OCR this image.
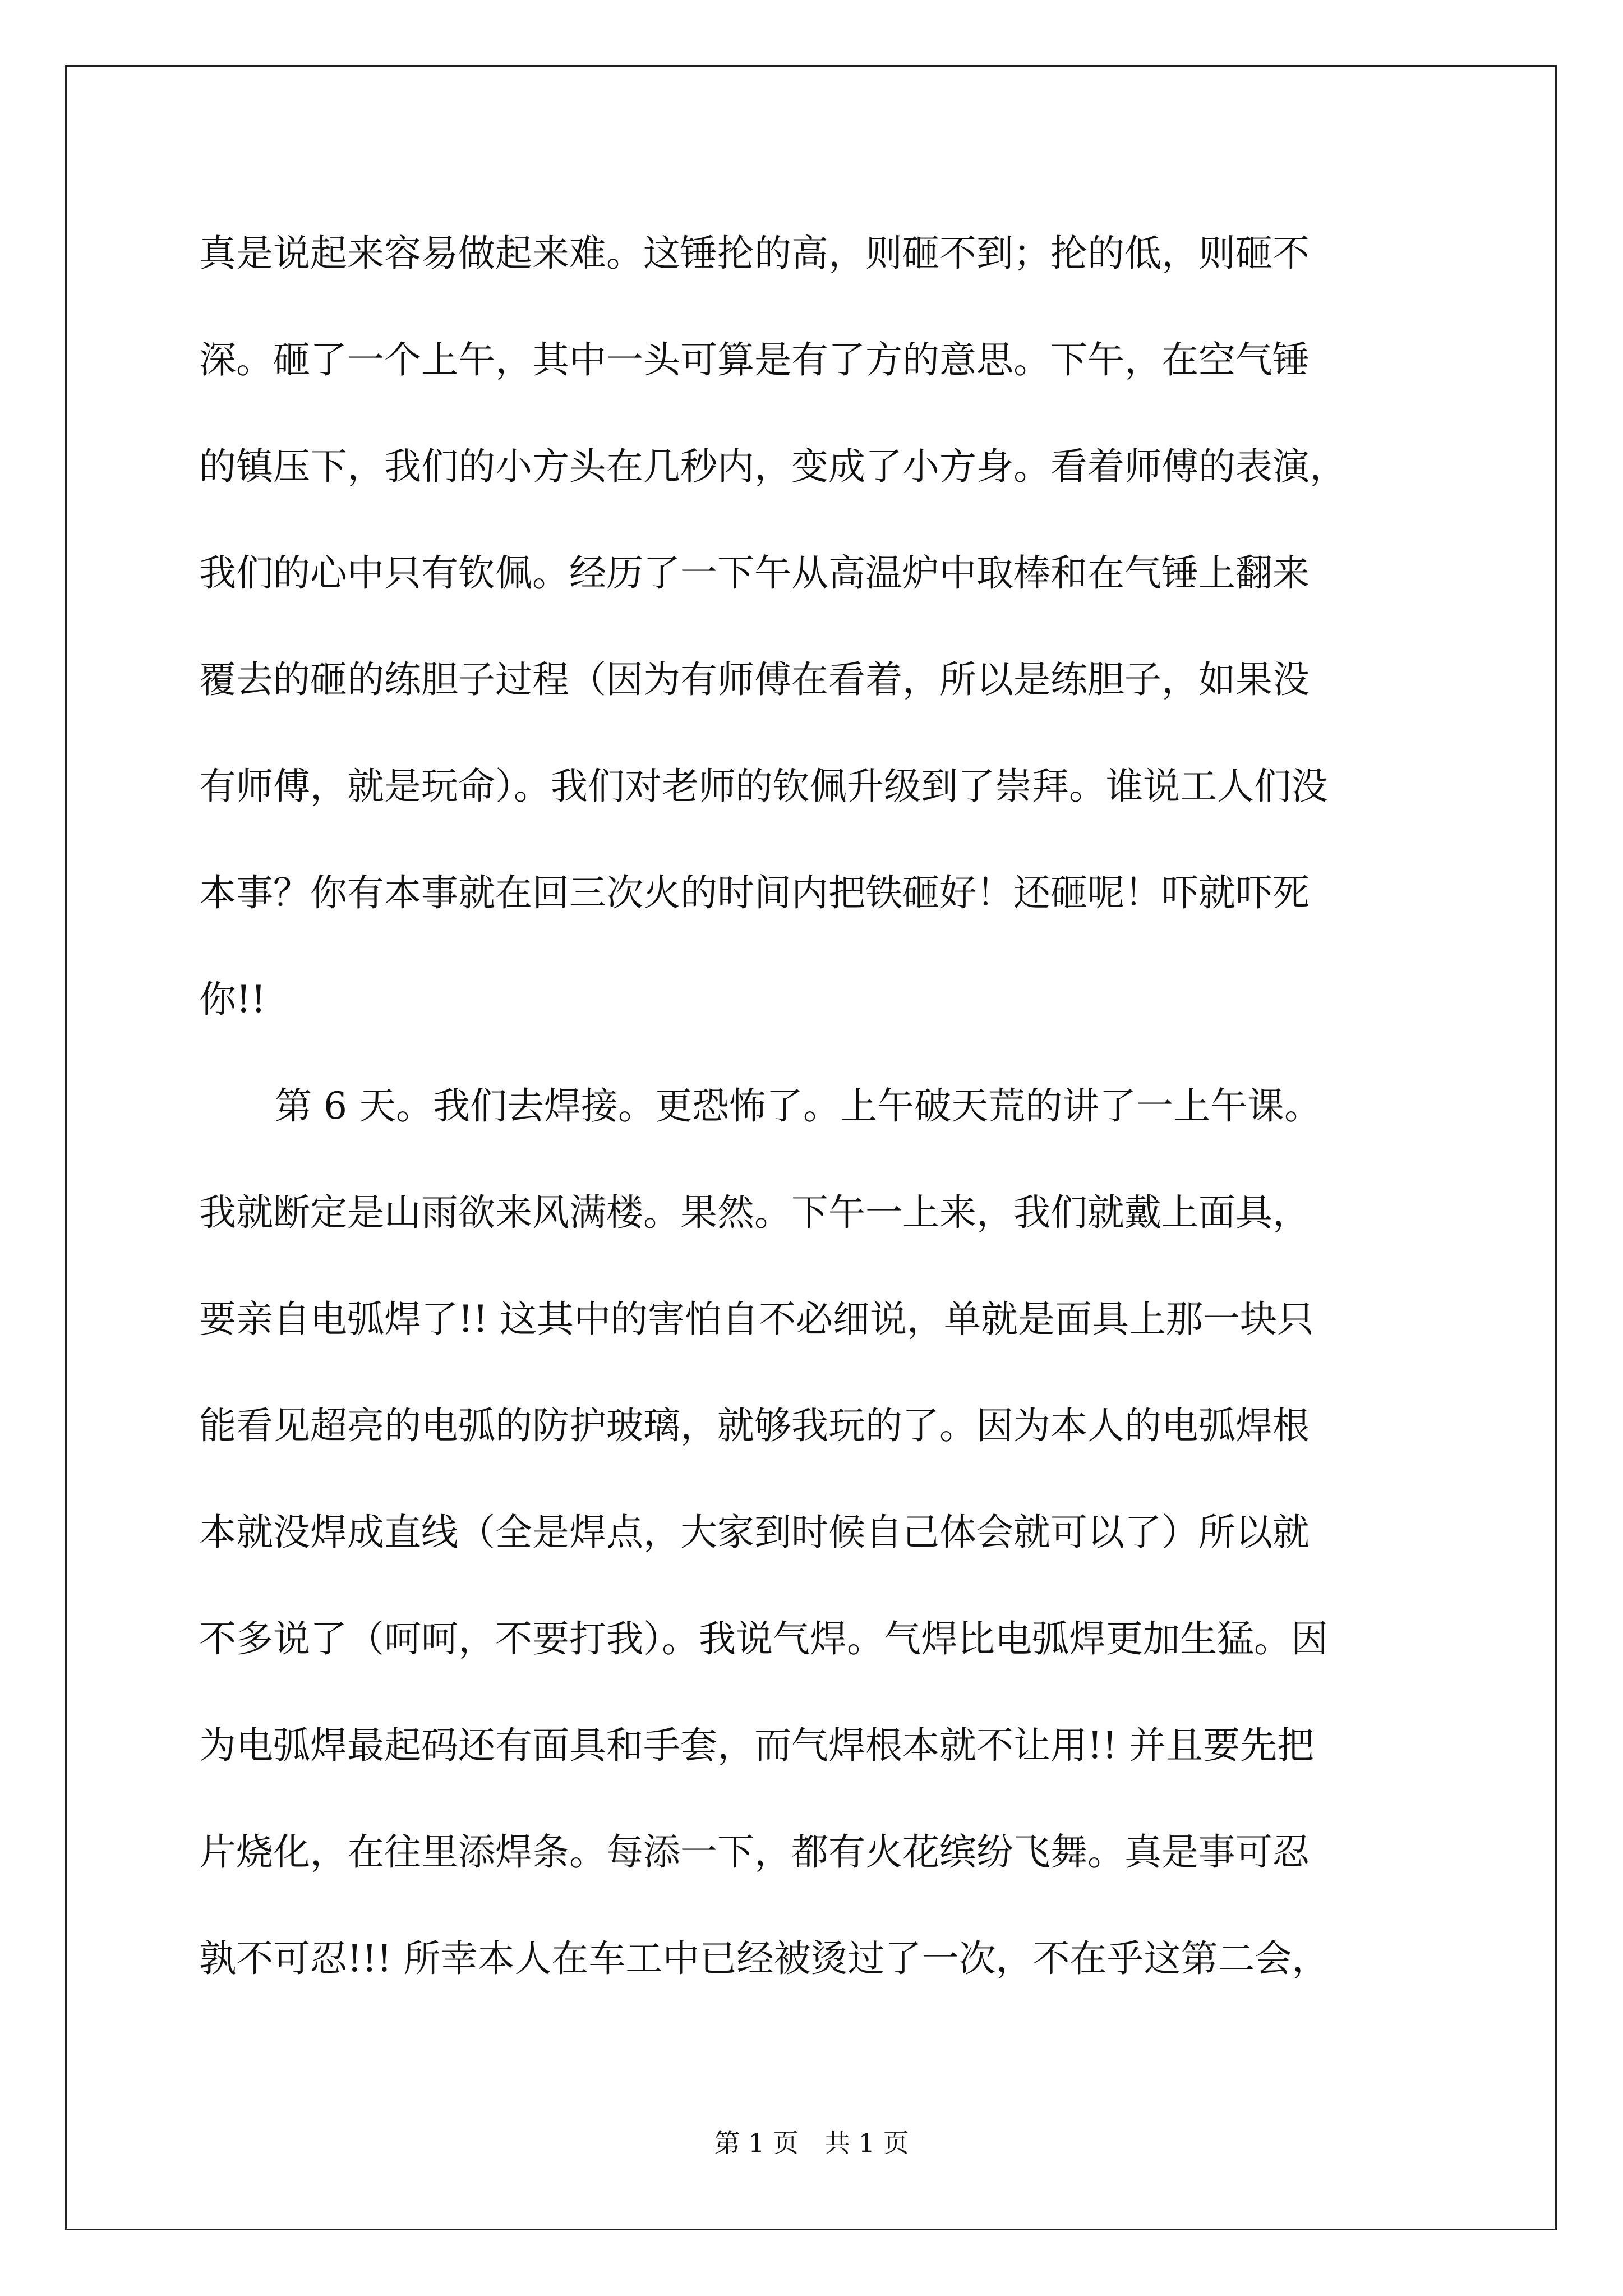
真是说起来容易做起来难。这锤抡的高，则砸不到；抡的低，则砸不
深。砸了一个上午，其中一头可算是有了方的意思。下午，在空气锤
的镇压下，我们的小方头在几秒内，变成了小方身。看着师傅的表演，
我们的心中只有钦佩。经历了一下午从高温炉中取棒和在气锤上翻来
覆去的砸的练胆子过程（因为有师傅在看着，所以是练胆子，如果没
有师傅，就是玩命）。我们对老师的钦佩升级到了崇拜。谁说工人们没
本事？你有本事就在回三次火的时间内把铁砸好！还砸呢！吓就吓死
你!!
第 6 天。我们去焊接。更恐怖了。上午破天荒的讲了一上午课。
我就断定是山雨欲来风满楼。果然。下午一上来，我们就戴上面具，
要亲自电弧焊了!! 这其中的害怕自不必细说，单就是面具上那一块只
能看见超亮的电弧的防护玻璃，就够我玩的了。因为本人的电弧焊根
本就没焊成直线（全是焊点，大家到时候自己体会就可以了）所以就
不多说了（呵呵，不要打我）。我说气焊。气焊比电弧焊更加生猛。因
为电弧焊最起码还有面具和手套，而气焊根本就不让用!! 并且要先把
片烧化，在往里添焊条。每添一下，都有火花缤纷飞舞。真是事可忍
孰不可忍!!! 所幸本人在车工中已经被烫过了一次，不在乎这第二会，
第 1 页　共 1 页
